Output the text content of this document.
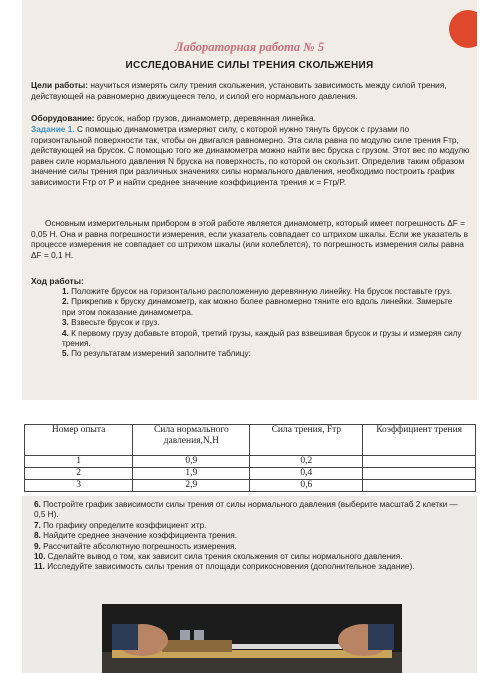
Лабораторная работа № 5
ИССЛЕДОВАНИЕ СИЛЫ ТРЕНИЯ СКОЛЬЖЕНИЯ
Цели работы: научиться измерять силу трения скольжения, установить зависимость между силой трения, действующей на равномерно движущееся тело, и силой его нормального давления.
Оборудование: брусок, набор грузов, динамометр, деревянная линейка.
Задание 1. С помощью динамометра измеряют силу, с которой нужно тянуть брусок с грузами по горизонтальной поверхности так, чтобы он двигался равномерно. Эта сила равна по модулю силе трения Fтр, действующей на брусок. С помощью того же динамометра можно найти вес бруска с грузом. Этот вес по модулю равен силе нормального давления N бруска на поверхность, по которой он скользит. Определив таким образом значение силы трения при различных значениях силы нормального давления, необходимо построить график зависимости Fтр от P и найти среднее значение коэффициента трения ϰ = Fтр/P.
Основным измерительным прибором в этой работе является динамометр, который имеет погрешность ΔF = 0,05 Н. Она и равна погрешности измерения, если указатель совпадает со штрихом шкалы. Если же указатель в процессе измерения не совпадает со штрихом шкалы (или колеблется), то погрешность измерения силы равна ΔF = 0,1 Н.
Ход работы:
1. Положите брусок на горизонтально расположенную деревянную линейку. На брусок поставьте груз.
2. Прикрепив к бруску динамометр, как можно более равномерно тяните его вдоль линейки. Замерьте при этом показание динамометра.
3. Взвесьте брусок и груз.
4. К первому грузу добавьте второй, третий грузы, каждый раз взвешивая брусок и грузы и измеряя силу трения.
5. По результатам измерений заполните таблицу:
Номер опыта	Сила нормального давления,N,Н	Сила трения, Fтр	Коэффициент трения
1	0,9	0,2	
2	1,9	0,4	
3	2,9	0,6	
6. Постройте график зависимости силы трения от силы нормального давления (выберите масштаб 2 клетки — 0,5 Н).
7. По графику определите коэффициент ϰтр.
8. Найдите среднее значение коэффициента трения.
9. Рассчитайте абсолютную погрешность измерения.
10. Сделайте вывод о том, как зависит сила трения скольжения от силы нормального давления.
11. Исследуйте зависимость силы трения от площади соприкосновения (дополнительное задание).
